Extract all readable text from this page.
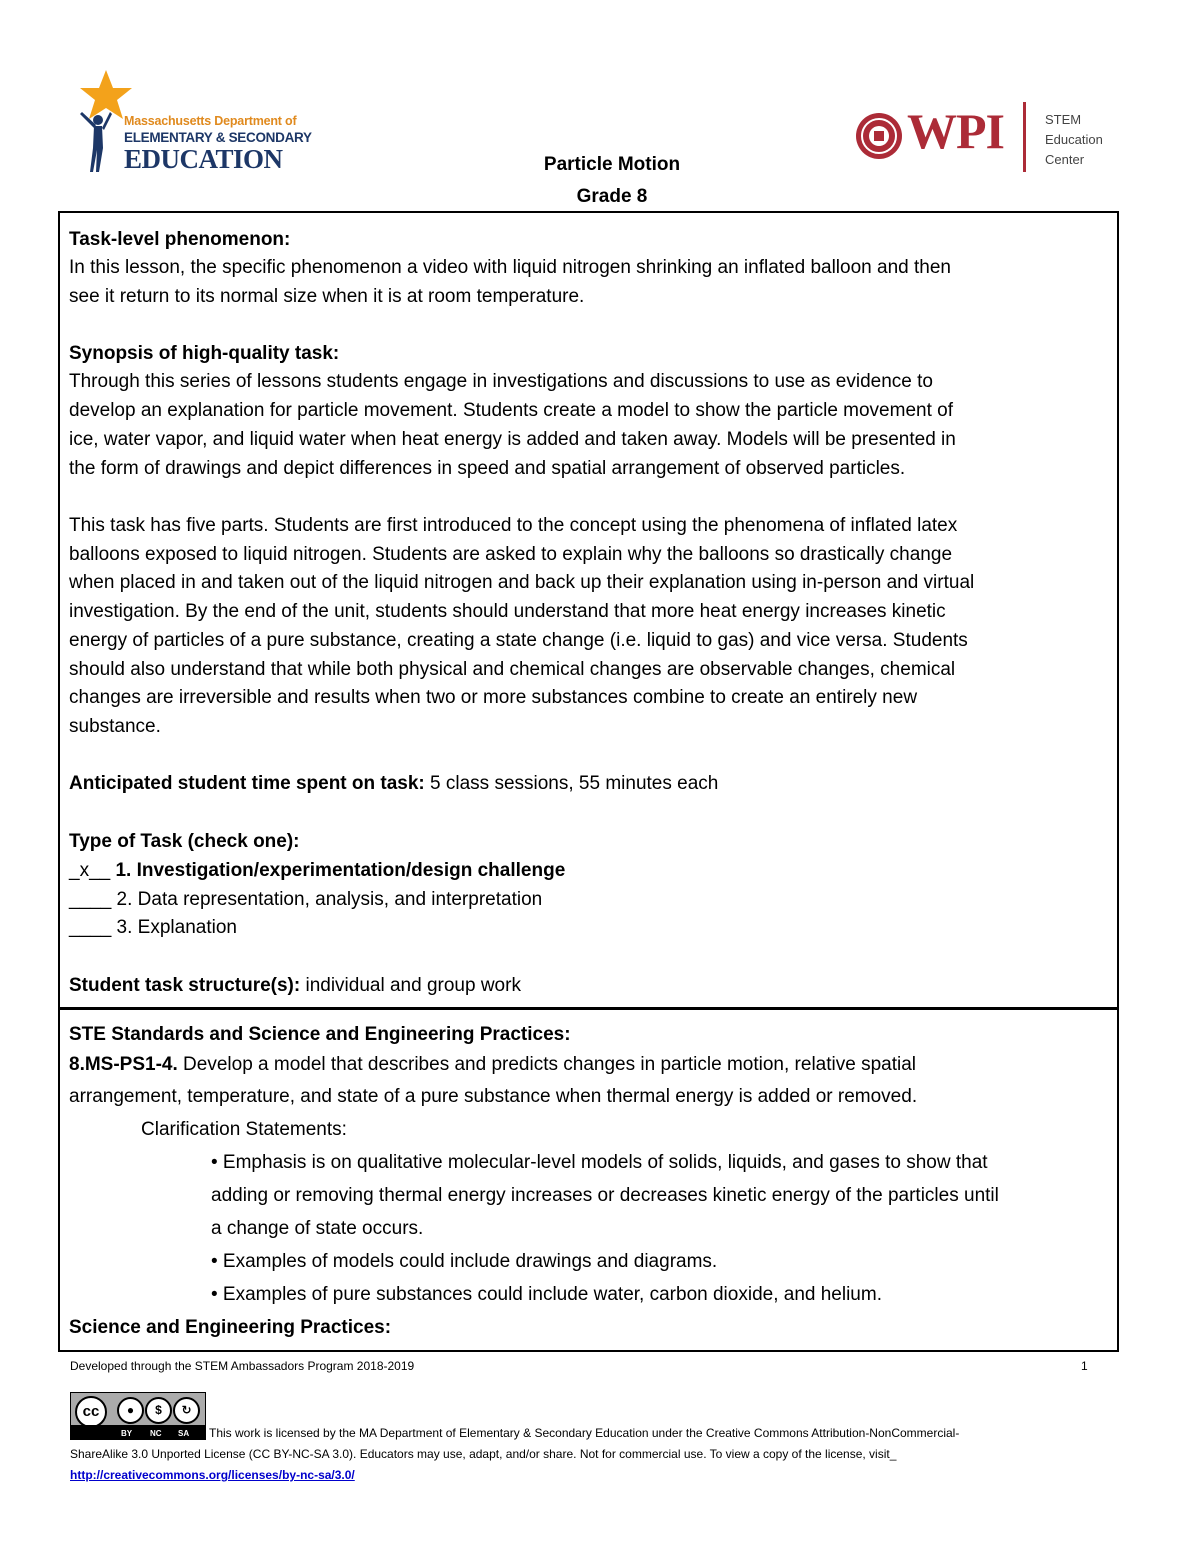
Massachusetts Department of
ELEMENTARY & SECONDARY
EDUCATION	WPI	STEM
Education
Center
Particle Motion
Grade 8
Task-level phenomenon:
In this lesson, the specific phenomenon a video with liquid nitrogen shrinking an inflated balloon and then
see it return to its normal size when it is at room temperature.
Synopsis of high-quality task:
Through this series of lessons students engage in investigations and discussions to use as evidence to
develop an explanation for particle movement. Students create a model to show the particle movement of
ice, water vapor, and liquid water when heat energy is added and taken away. Models will be presented in
the form of drawings and depict differences in speed and spatial arrangement of observed particles.
This task has five parts. Students are first introduced to the concept using the phenomena of inflated latex
balloons exposed to liquid nitrogen. Students are asked to explain why the balloons so drastically change
when placed in and taken out of the liquid nitrogen and back up their explanation using in-person and virtual
investigation. By the end of the unit, students should understand that more heat energy increases kinetic
energy of particles of a pure substance, creating a state change (i.e. liquid to gas) and vice versa. Students
should also understand that while both physical and chemical changes are observable changes, chemical
changes are irreversible and results when two or more substances combine to create an entirely new
substance.
Anticipated student time spent on task: 5 class sessions, 55 minutes each
Type of Task (check one):
_x__ 1. Investigation/experimentation/design challenge
____ 2. Data representation, analysis, and interpretation
____ 3. Explanation
Student task structure(s): individual and group work
STE Standards and Science and Engineering Practices:
8.MS-PS1-4. Develop a model that describes and predicts changes in particle motion, relative spatial
arrangement, temperature, and state of a pure substance when thermal energy is added or removed.
Clarification Statements:
• Emphasis is on qualitative molecular-level models of solids, liquids, and gases to show that
adding or removing thermal energy increases or decreases kinetic energy of the particles until
a change of state occurs.
• Examples of models could include drawings and diagrams.
• Examples of pure substances could include water, carbon dioxide, and helium.
Science and Engineering Practices:
Developed through the STEM Ambassadors Program 2018-2019	1
cc	●	$	↻
BY NC SA This work is licensed by the MA Department of Elementary & Secondary Education under the Creative Commons Attribution-NonCommercial-
ShareAlike 3.0 Unported License (CC BY-NC-SA 3.0). Educators may use, adapt, and/or share. Not for commercial use. To view a copy of the license, visit_
http://creativecommons.org/licenses/by-nc-sa/3.0/
